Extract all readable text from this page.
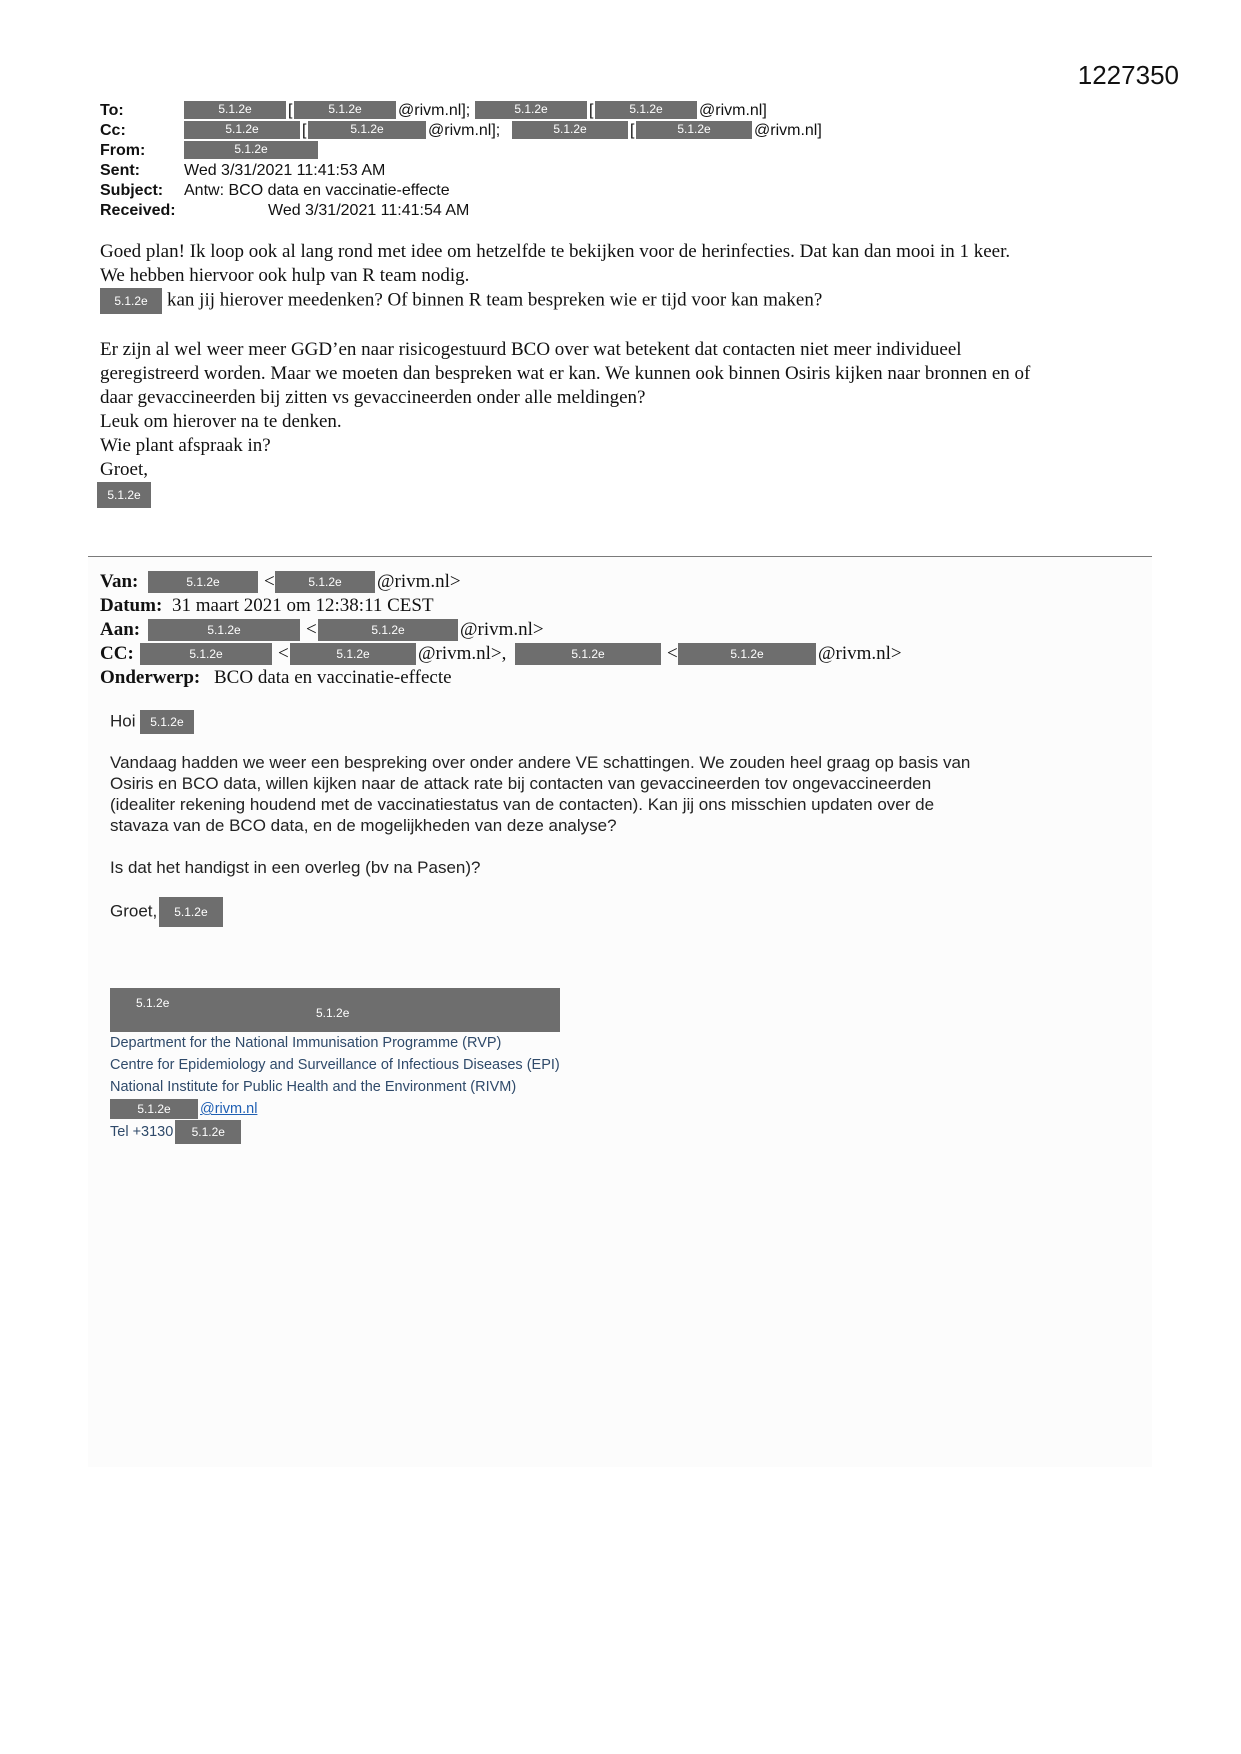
1227350
To:	5.1.2e	[	5.1.2e	@rivm.nl];	5.1.2e	[	5.1.2e	@rivm.nl]
Cc:	5.1.2e	[	5.1.2e	@rivm.nl];	5.1.2e	[	5.1.2e	@rivm.nl]
From:	5.1.2e
Sent:	Wed 3/31/2021 11:41:53 AM
Subject: Antw: BCO data en vaccinatie-effecte
Received:	Wed 3/31/2021 11:41:54 AM

Goed plan! Ik loop ook al lang rond met idee om hetzelfde te bekijken voor de herinfecties. Dat kan dan mooi in 1 keer.

We hebben hiervoor ook hulp van R team nodig.

5.1.2e kan jij hierover meedenken? Of binnen R team bespreken wie er tijd voor kan maken?

Er zijn al wel weer meer GGD’en naar risicogestuurd BCO over wat betekent dat contacten niet meer individueel

geregistreerd worden. Maar we moeten dan bespreken wat er kan. We kunnen ook binnen Osiris kijken naar bronnen en of

daar gevaccineerden bij zitten vs gevaccineerden onder alle meldingen?

Leuk om hierover na te denken.

Wie plant afspraak in?

Groet,

5.1.2e
Van:	5.1.2e	<	5.1.2e	@rivm.nl>
Datum: 31 maart 2021 om 12:38:11 CEST
Aan:	5.1.2e	<	5.1.2e	@rivm.nl>
CC:	5.1.2e	<	5.1.2e	@rivm.nl>,	5.1.2e	<	5.1.2e	@rivm.nl>
Onderwerp: BCO data en vaccinatie-effecte

Hoi 5.1.2e

Vandaag hadden we weer een bespreking over onder andere VE schattingen. We zouden heel graag op basis van

Osiris en BCO data, willen kijken naar de attack rate bij contacten van gevaccineerden tov ongevaccineerden

(idealiter rekening houdend met de vaccinatiestatus van de contacten). Kan jij ons misschien updaten over de

stavaza van de BCO data, en de mogelijkheden van deze analyse?

Is dat het handigst in een overleg (bv na Pasen)?

Groet, 5.1.2e

5.1.2e
5.1.2e
Department for the National Immunisation Programme (RVP)
Centre for Epidemiology and Surveillance of Infectious Diseases (EPI)
National Institute for Public Health and the Environment (RIVM)
5.1.2e @rivm.nl
Tel +3130 5.1.2e
